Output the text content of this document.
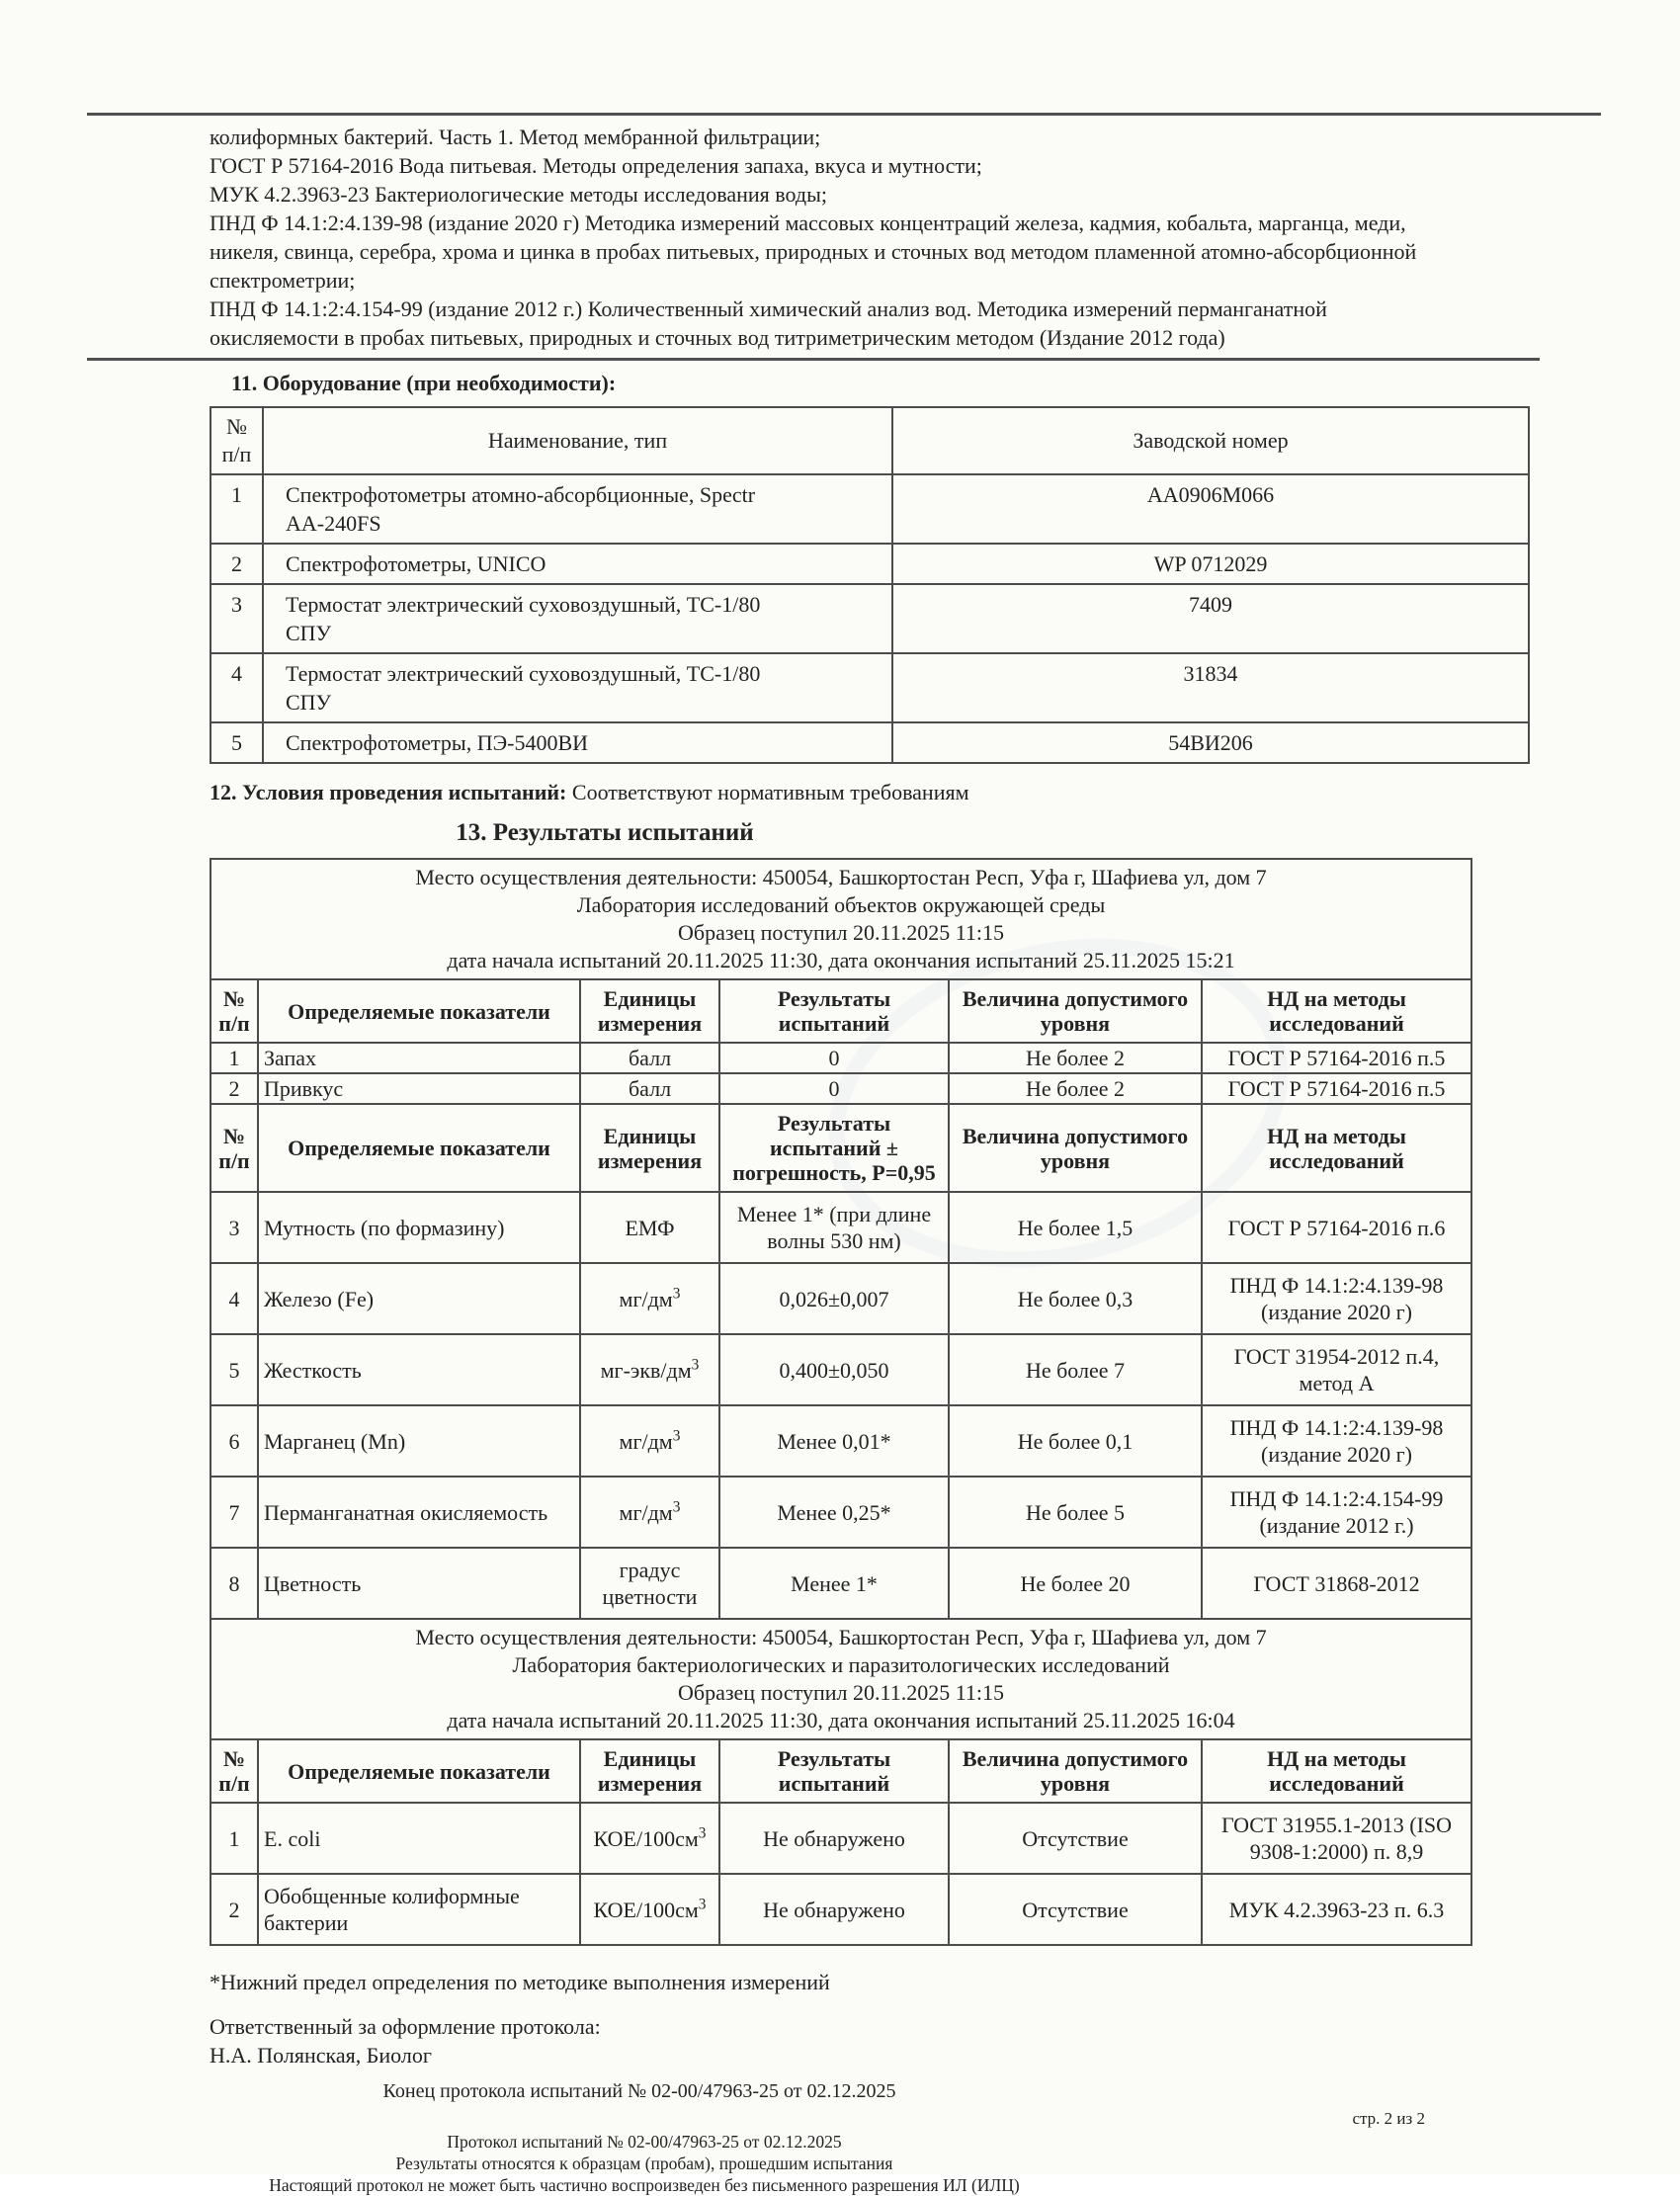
колиформных бактерий. Часть 1. Метод мембранной фильтрации;
ГОСТ Р 57164-2016 Вода питьевая. Методы определения запаха, вкуса и мутности;
МУК 4.2.3963-23 Бактериологические методы исследования воды;
ПНД Ф 14.1:2:4.139-98 (издание 2020 г) Методика измерений массовых концентраций железа, кадмия, кобальта, марганца, меди, никеля, свинца, серебра, хрома и цинка в пробах питьевых, природных и сточных вод методом пламенной атомно-абсорбционной спектрометрии;
ПНД Ф 14.1:2:4.154-99 (издание 2012 г.) Количественный химический анализ вод. Методика измерений перманганатной окисляемости в пробах питьевых, природных и сточных вод титриметрическим методом (Издание 2012 года)
11. Оборудование (при необходимости):
№ п/п	Наименование, тип	Заводской номер
1	Спектрофотометры атомно-абсорбционные, Spectr AA-240FS	AA0906M066
2	Спектрофотометры, UNICO	WP 0712029
3	Термостат электрический суховоздушный, ТС-1/80 СПУ	7409
4	Термостат электрический суховоздушный, ТС-1/80 СПУ	31834
5	Спектрофотометры, ПЭ-5400ВИ	54ВИ206
12. Условия проведения испытаний: Соответствуют нормативным требованиям
13. Результаты испытаний
Место осуществления деятельности: 450054, Башкортостан Респ, Уфа г, Шафиева ул, дом 7
Лаборатория исследований объектов окружающей среды
Образец поступил 20.11.2025 11:15
дата начала испытаний 20.11.2025 11:30, дата окончания испытаний 25.11.2025 15:21					

№ п/п	Определяемые показатели	Единицы измерения	Результаты испытаний	Величина допустимого уровня	НД на методы исследований
1	Запах	балл	0	Не более 2	ГОСТ Р 57164-2016 п.5
2	Привкус	балл	0	Не более 2	ГОСТ Р 57164-2016 п.5
№ п/п	Определяемые показатели	Единицы измерения	Результаты испытаний ± погрешность, Р=0,95	Величина допустимого уровня	НД на методы исследований
3	Мутность (по формазину)	ЕМФ	Менее 1* (при длине волны 530 нм)	Не более 1,5	ГОСТ Р 57164-2016 п.6
4	Железо (Fe)	$мг/дм^3$	0,026±0,007	Не более 0,3	ПНД Ф 14.1:2:4.139-98 (издание 2020 г)
5	Жесткость	$мг-экв/дм^3$	0,400±0,050	Не более 7	ГОСТ 31954-2012 п.4, метод А
6	Марганец (Mn)	$мг/дм^3$	Менее 0,01*	Не более 0,1	ПНД Ф 14.1:2:4.139-98 (издание 2020 г)
7	Перманганатная окисляемость	$мг/дм^3$	Менее 0,25*	Не более 5	ПНД Ф 14.1:2:4.154-99 (издание 2012 г.)
8	Цветность	градус цветности	Менее 1*	Не более 20	ГОСТ 31868-2012

Место осуществления деятельности: 450054, Башкортостан Респ, Уфа г, Шафиева ул, дом 7
Лаборатория бактериологических и паразитологических исследований
Образец поступил 20.11.2025 11:15
дата начала испытаний 20.11.2025 11:30, дата окончания испытаний 25.11.2025 16:04					

№ п/п	Определяемые показатели	Единицы измерения	Результаты испытаний	Величина допустимого уровня	НД на методы исследований
1	E. coli	КОЕ/$100см^3$	Не обнаружено	Отсутствие	ГОСТ 31955.1-2013 (ISO 9308-1:2000) п. 8,9
2	Обобщенные колиформные бактерии	КОЕ/$100см^3$	Не обнаружено	Отсутствие	МУК 4.2.3963-23 п. 6.3
*Нижний предел определения по методике выполнения измерений
Ответственный за оформление протокола:
Н.А. Полянская, Биолог
Конец протокола испытаний № 02-00/47963-25 от 02.12.2025
стр. 2 из 2
Протокол испытаний № 02-00/47963-25 от 02.12.2025
Результаты относятся к образцам (пробам), прошедшим испытания
Настоящий протокол не может быть частично воспроизведен без письменного разрешения ИЛ (ИЛЦ)
